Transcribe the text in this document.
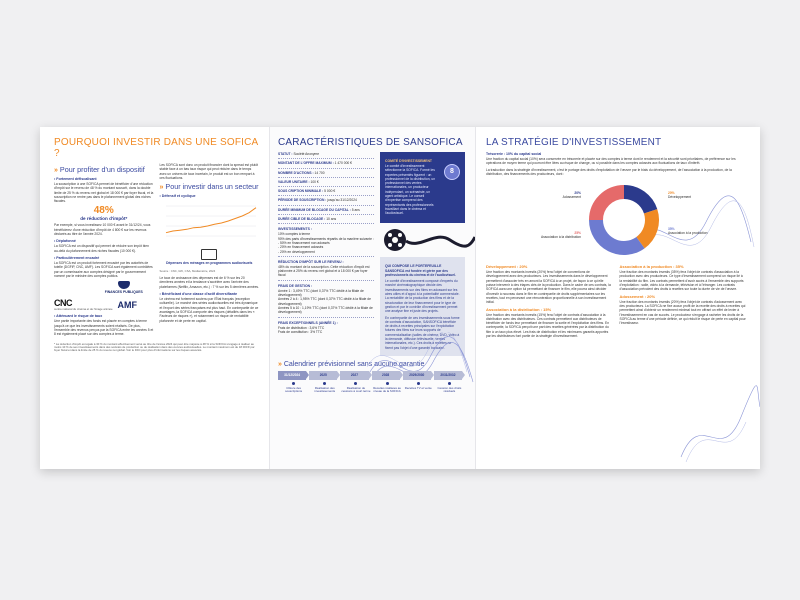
POURQUOI INVESTIR DANS UNE SOFICA ?
» Pour profiter d'un dispositif
• Fortement défiscalisant

La souscription à une SOFICA permet de bénéficier d'une réduction d'impôt sur le revenu de 48 % du montant souscrit, dans la double limite de 25 % du revenu net global et 18 000 € par foyer fiscal, et la souscription ne rentre pas dans le plafonnement global des niches fiscales.

48%
de réduction d'impôt*

Par exemple, si vous investissez 10 000 € avant le 31/12/24, vous bénéficierez d'une réduction d'impôt de 4 800 € sur les revenus déclarés au titre de l'année 2024.

• Déplafonné

La SOFICA est un dispositif qui permet de réduire son impôt bien au-delà du plafonnement des niches fiscales (10 000 €).

• Particulièrement encadré

La SOFICA est un produit fortement encadré par les autorités de tutelle (DGFiP, CNC, AMF). Les SOFICA sont également contrôlées par un commissaire aux comptes désigné par le gouvernement nommé par le ministre des comptes publics.

FINANCES PUBLIQUES
CNC
centre national du cinéma et de l'image animée AMF
• Atténuant le risque de taux

Une partie importante des fonds est placée en comptes à terme jusqu'à ce que les investissements soient réalisés. De plus, l'ensemble des revenus perçus par la SOFICA entre les années 5 et 8 est également placé sur des comptes à terme.

Les SOFICA sont donc un produit financier dont la spread est plutôt stable face à un bas taux risque qui peut réduire dans le temps avec un univers de taux incertain, le produit est un bon rempart à ces fluctuations.

» Pour investir dans un secteur
• Défensif et cyclique
Dépenses des ménages en programmes audiovisuels
Source : CNC, GfK, CSA, Médiamétrie, 2024

Le taux de croissance des dépenses est de 6 % sur les 20 dernières années et la tendance s'accélère avec l'arrivée des plateformes (Netflix, Amazon, etc.) : 7 % sur les 5 dernières années.

• Bénéficiant d'une classe d'actif diversifiante

Le cinéma est fortement soutenu par l'État français (exception culturelle). Le marché des séries audiovisuelles est très dynamique et l'export des séries françaises est plus haut. En contrepartie de ce avantages, la SOFICA comporte des risques (détaillés dans les « Facteurs de risques »), et notamment un risque de rentabilité plafonnée et de perte en capital.

* La réduction d'impôt est égale à 30 % du montant effectivement versé au titre de l'année 2024 qui peut être majorée à 48 % si la SOFICA s'engage à réaliser au moins 10 % de ses investissements dans des sociétés de production ou de réalisation dans des œuvres audiovisuelles. Le montant maximum est de 18 000 € par foyer fiscal et dans la limite de 25 % du revenu net global. Voir le DICI pour plus d'informations sur les risques associés.
CARACTÉRISTIQUES DE SANSOFICA
STATUT : Société Anonyme
MONTANT DE L'OFFRE MAXIMUM : 1 470 000 €
NOMBRE D'ACTIONS : 14 700
VALEUR UNITAIRE : 100 €
SOUS CRIPTION MINIMALE : 5 000 €
PÉRIODE DE SOUSCRIPTION : jusqu'au 31/12/2024
DURÉE MINIMUM DE BLOCAGE DU CAPITAL : 5 ans
DURÉE CIBLE DE BLOCAGE : 10 ans
INVESTISSEMENTS :

10% comptes à terme

90% des parts d'investissements répartis de la manière suivante :

- 50% en financement non adossés

- 20% en financement adossés

- 20% en développement

RÉDUCTION D'IMPÔT SUR LE REVENU :

48% du montant de la souscription. Cette réduction d'impôt est plafonnée à 25% du revenu net global et à 18 000 € par foyer fiscal

FRAIS DE GESTION :

Année 1 : 3,49% TTC (dont 0,37% TTC dédié à la filiale de développement)

Années 2 à 4 : 1,95% TTC (dont 0,37% TTC dédié à la filiale de développement)

Années 5 à 10 : 1,19% TTC (dont 0,37% TTC dédié à la filiale de développement)

FRAIS EXCEPTIONNELS (ANNÉE 1) :

Frais de distribution : 3,6% TTC

Frais de constitution : 3% TTC

COMITÉ D'INVESTISSEMENT

Le comité d'investissement sélectionne la SOFICA. Formé les expertes présentés figurent : un professionnel de la distribution, un professionnel des ventes internationales, un producteur indépendant, un scénariste, un agent artistique. Le conseil d'expertise comprend des représentants des professionnels travaillant dans le cinéma et l'audiovisuel.

8
QUI COMPOSE LE PORTEFEUILLE

SANSOFICA est fondée et gérée par des professionnels du cinéma et de l'audiovisuel.

Le comité d'investissement composé d'experts du marché cinématographique décide des investissements sur des films en adossant sur les aires utiles et d'appui à la potentialité commerciale. La rentabilité de la production des films et de la structuration de leur financement pour le type de gestion et par le contrôle d'investissement permet une analyse fine et juste des projets.

En contrepartie de ces investissements sous forme de contrats d'association, SANSOFICA bénéficie de droits à recettes principales sur l'exploitation futures des films sur leurs supports de commercialisation (salles de cinéma, DVD, vidéo à la demande, diffusion télévisuelle, ventes internationales, etc.). Ces droits à recettes ne fixent pas l'objet d'une garantie bancaire.

» Calendrier prévisionnel sans aucune garantie
31/12/2024
Clôture des souscriptions
2025
Réalisation des investissements
2027
Réalisation de cessions à court terme
2028
Recettes réalisées au niveau de la SOFICA
2029/2030
Recettes TV et vente
2031/2032
Cession des droits résiduels
LA STRATÉGIE D'INVESTISSEMENT
Trésorerie : 10% du capital social

Une fraction du capital social (10%) sera conservée en trésorerie et placée sur des comptes à terme dont le rendement et la sécurité sont prioritaires, de préférence sur les opérations de moyen terme qui pourront être liées au risque de change, ou si possible dans les comptes adossés aux fluctuations de taux d'intérêt.

La traduction dans la stratégie d'investissement, c'est le portage des droits d'exploitation de l'œuvre par le biais du développement, de l'association à la production, de la distribution, des financements des producteurs, dont :

20%
Adossement
20%
Développement
35%
Association à la production
25%
Association à la distribution
Développement : 20%

Une fraction des montants investis (20%) fera l'objet de conventions de développement avec des producteurs. Les investissements dans le développement permettent d'associer très en amont la SOFICA à un projet, de façon à ce qu'elle puisse intervenir à des étapes clés de la production. Dans le cadre de ces contrats, la SOFICA aura une option lui permettant de financer le film, elle pourra ainsi décider d'investir à nouveau dans le film en contrepartie de droits supplémentaires sur les recettes, tout en percevant une rémunération proportionnelle à son investissement initial.

Association à la distribution : 15%

Une fraction des montants investis (15%) fera l'objet de contrats d'association à la distribution avec des distributeurs. Ces contrats permettent aux distributeurs de bénéficier de fonds leur permettant de financer la sortie et l'exploitation des films. En contrepartie, la SOFICA perçoit une part des recettes générées par la distribution du film à un taux plus élevé. Les frais de distribution et les minimums garantis apportés par les distributeurs font partie de la stratégie d'investissement.

Association à la production : 35%

Une fraction des montants investis (35%) fera l'objet de contrats d'association à la production avec des producteurs. Ce type d'investissement comprend un risque lié à la rentabilité du film. Les contrats permettent d'avoir accès à l'ensemble des supports d'exploitation : salle, vidéo à la demande, télévision et à l'étranger. Les contrats d'association prévoient des droits à recettes sur toute la durée de vie de l'œuvre.

Adossement : 20%

Une fraction des montants investis (20%) fera l'objet de contrats d'adossement avec des producteurs. La SOFICA ne fixe aucun profit de la recette des droits à recettes qui permettent ainsi d'obtenir un rendement minimal tout en offrant un effet de levier à l'investissement en cas de succès. Le producteur s'engage à racheter les droits de la SOFICA au terme d'une période définie, ce qui réduit le risque de perte en capital pour l'investisseur.
